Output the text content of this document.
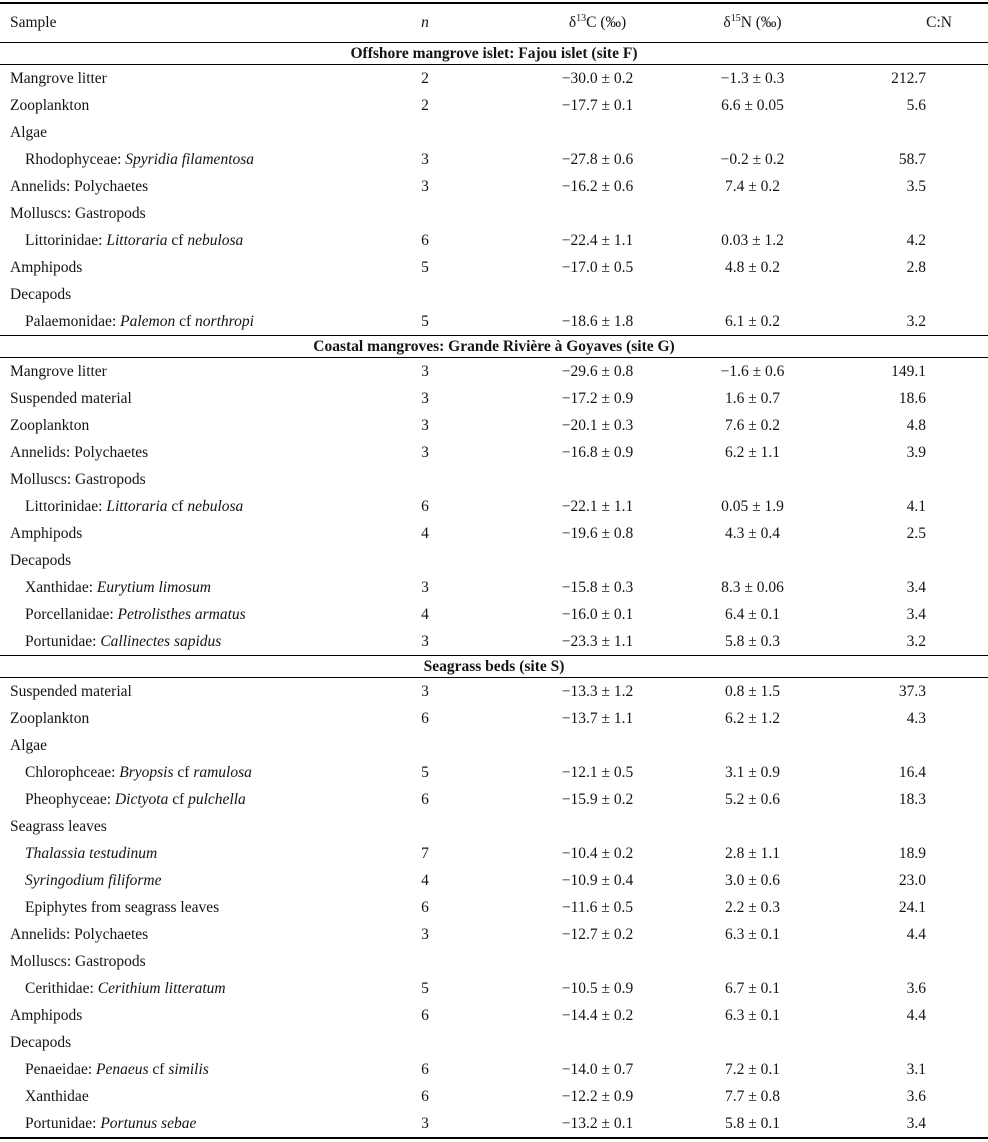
Sample	n	$\delta^{13}C$ (‰)	$\delta^{15}N$ (‰)	C:N
Offshore mangrove islet: Fajou islet (site F)				
Mangrove litter	2	−30.0 ± 0.2	−1.3 ± 0.3	212.7
Zooplankton	2	−17.7 ± 0.1	6.6 ± 0.05	5.6
Algae				
Rhodophyceae: Spyridia filamentosa	3	−27.8 ± 0.6	−0.2 ± 0.2	58.7
Annelids: Polychaetes	3	−16.2 ± 0.6	7.4 ± 0.2	3.5
Molluscs: Gastropods				
Littorinidae: Littoraria cf nebulosa	6	−22.4 ± 1.1	0.03 ± 1.2	4.2
Amphipods	5	−17.0 ± 0.5	4.8 ± 0.2	2.8
Decapods				
Palaemonidae: Palemon cf northropi	5	−18.6 ± 1.8	6.1 ± 0.2	3.2
Coastal mangroves: Grande Rivière à Goyaves (site G)				
Mangrove litter	3	−29.6 ± 0.8	−1.6 ± 0.6	149.1
Suspended material	3	−17.2 ± 0.9	1.6 ± 0.7	18.6
Zooplankton	3	−20.1 ± 0.3	7.6 ± 0.2	4.8
Annelids: Polychaetes	3	−16.8 ± 0.9	6.2 ± 1.1	3.9
Molluscs: Gastropods				
Littorinidae: Littoraria cf nebulosa	6	−22.1 ± 1.1	0.05 ± 1.9	4.1
Amphipods	4	−19.6 ± 0.8	4.3 ± 0.4	2.5
Decapods				
Xanthidae: Eurytium limosum	3	−15.8 ± 0.3	8.3 ± 0.06	3.4
Porcellanidae: Petrolisthes armatus	4	−16.0 ± 0.1	6.4 ± 0.1	3.4
Portunidae: Callinectes sapidus	3	−23.3 ± 1.1	5.8 ± 0.3	3.2
Seagrass beds (site S)				
Suspended material	3	−13.3 ± 1.2	0.8 ± 1.5	37.3
Zooplankton	6	−13.7 ± 1.1	6.2 ± 1.2	4.3
Algae				
Chlorophceae: Bryopsis cf ramulosa	5	−12.1 ± 0.5	3.1 ± 0.9	16.4
Pheophyceae: Dictyota cf pulchella	6	−15.9 ± 0.2	5.2 ± 0.6	18.3
Seagrass leaves				
Thalassia testudinum	7	−10.4 ± 0.2	2.8 ± 1.1	18.9
Syringodium filiforme	4	−10.9 ± 0.4	3.0 ± 0.6	23.0
Epiphytes from seagrass leaves	6	−11.6 ± 0.5	2.2 ± 0.3	24.1
Annelids: Polychaetes	3	−12.7 ± 0.2	6.3 ± 0.1	4.4
Molluscs: Gastropods				
Cerithidae: Cerithium litteratum	5	−10.5 ± 0.9	6.7 ± 0.1	3.6
Amphipods	6	−14.4 ± 0.2	6.3 ± 0.1	4.4
Decapods				
Penaeidae: Penaeus cf similis	6	−14.0 ± 0.7	7.2 ± 0.1	3.1
Xanthidae	6	−12.2 ± 0.9	7.7 ± 0.8	3.6
Portunidae: Portunus sebae	3	−13.2 ± 0.1	5.8 ± 0.1	3.4
